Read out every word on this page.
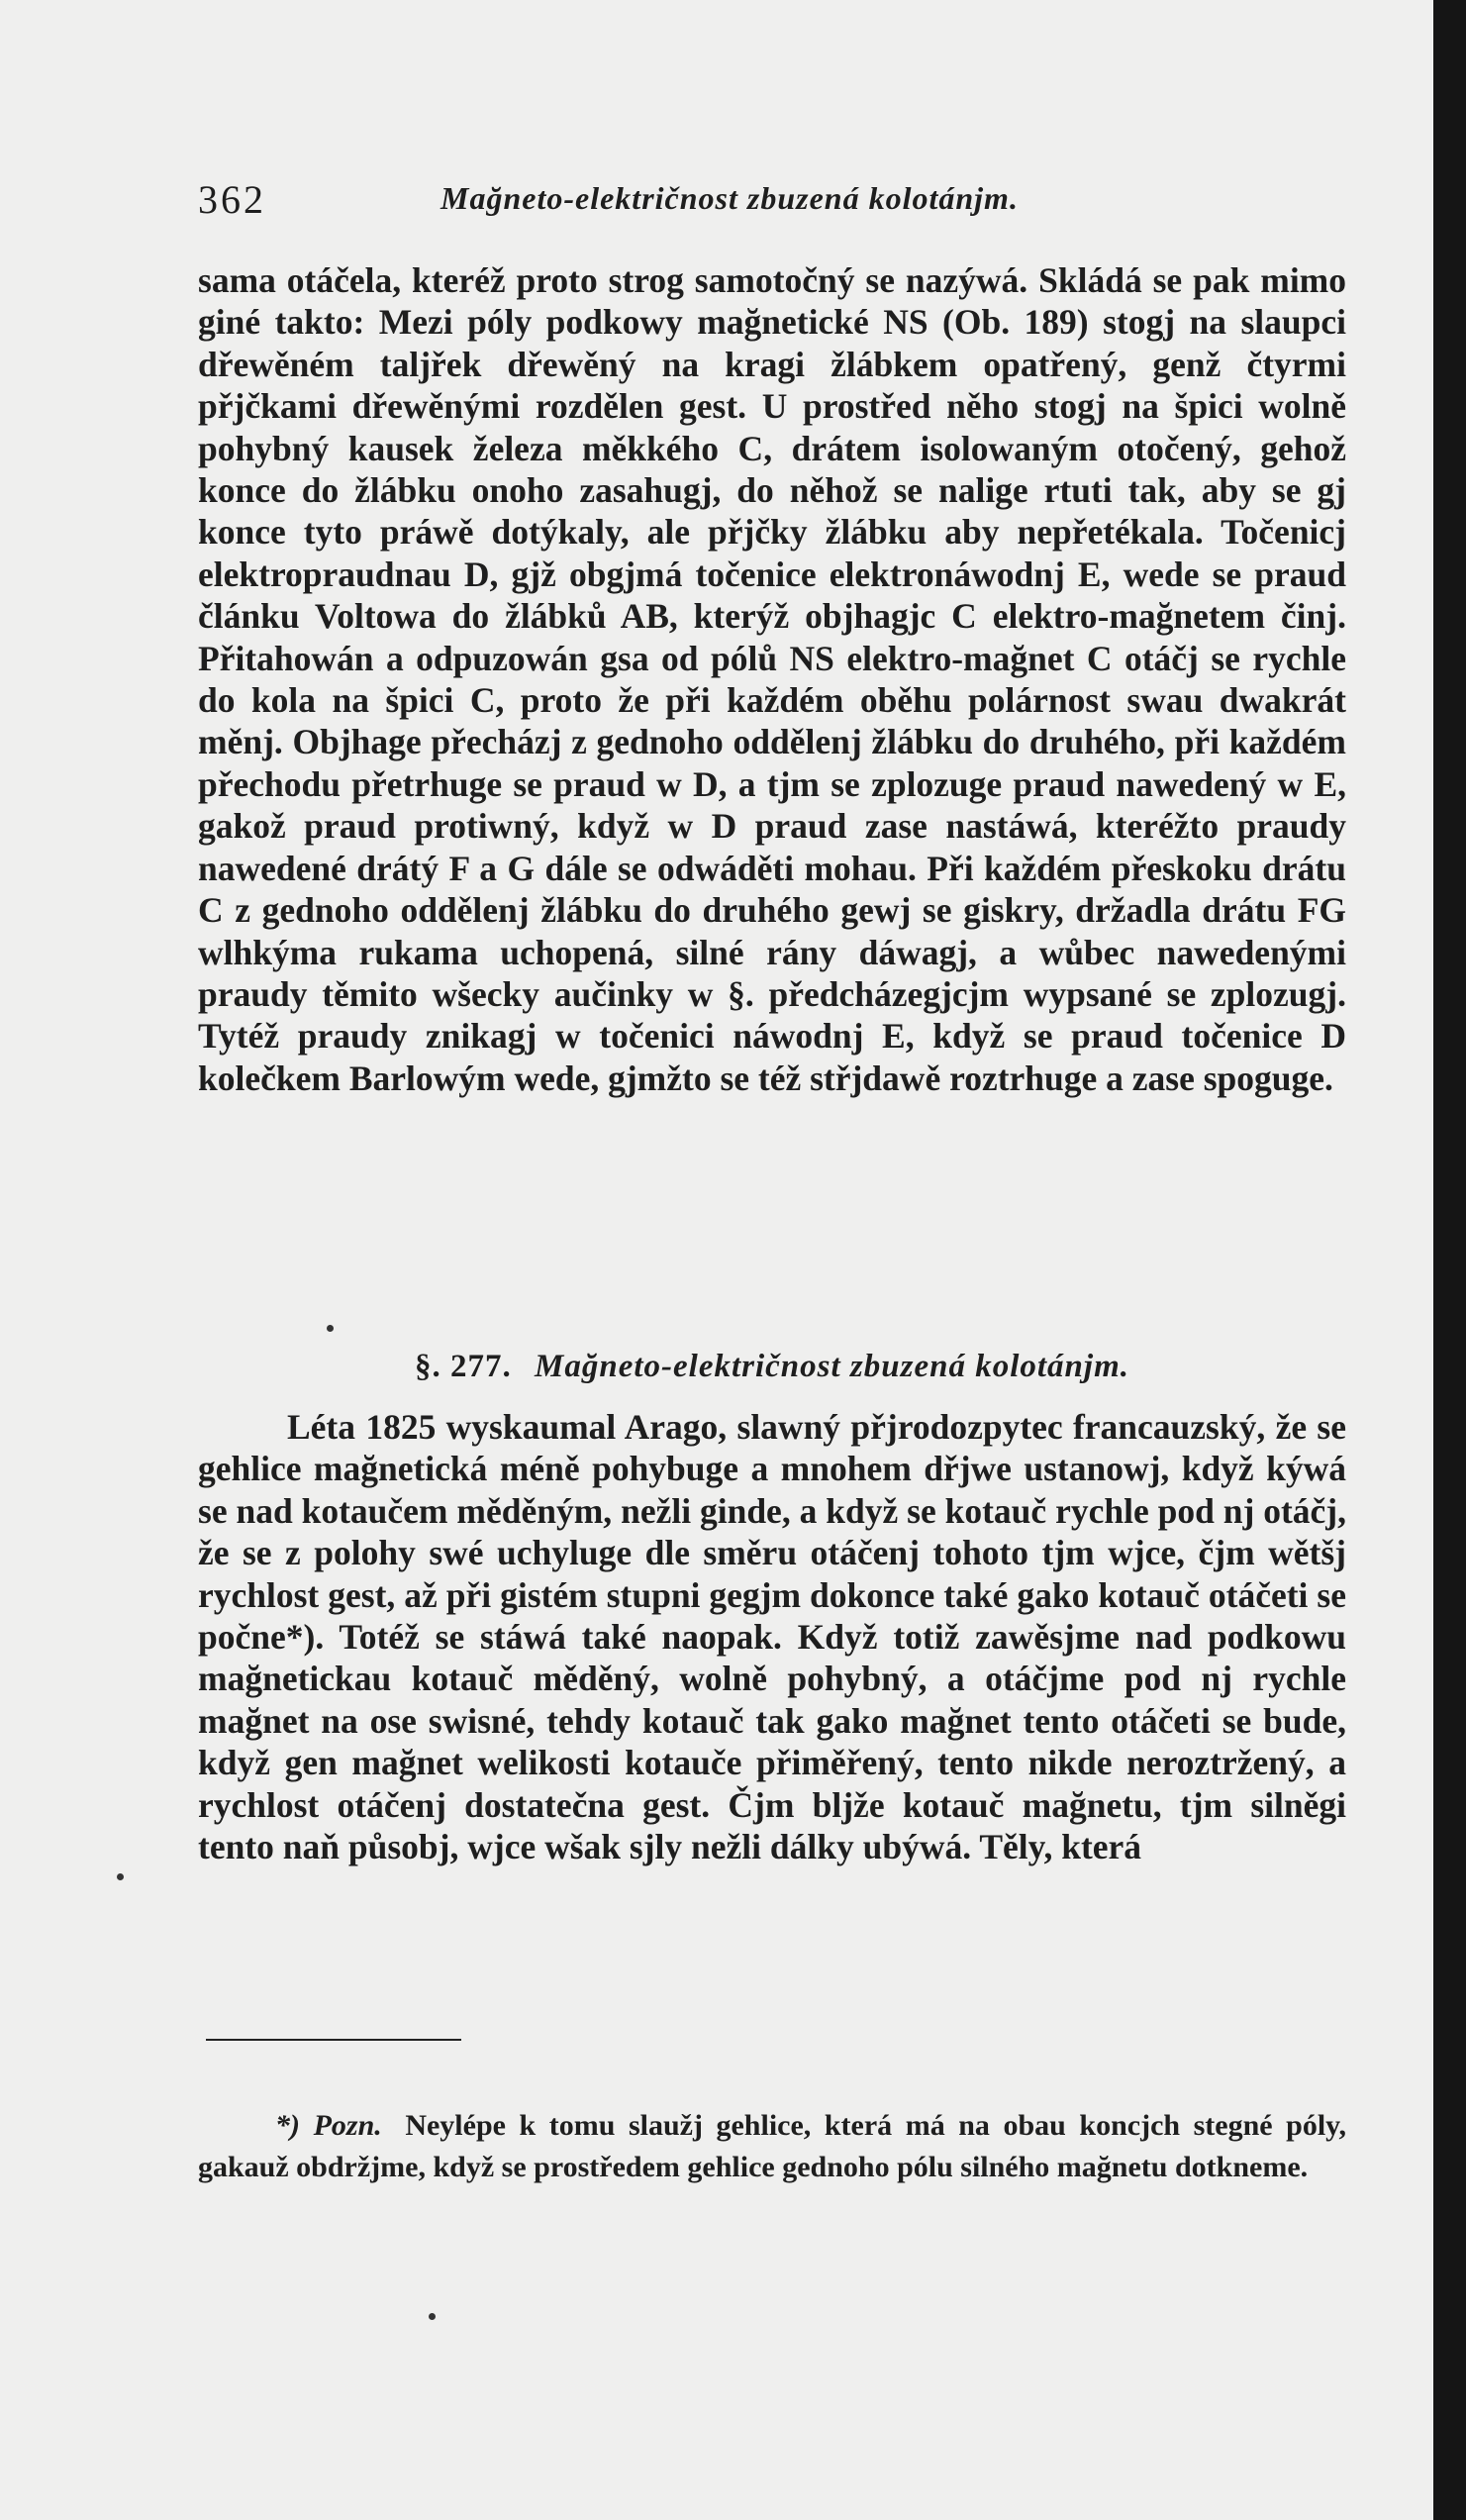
362	Mağneto-električnost zbuzená kolotánjm.

sama otáčela, kteréž proto strog samotočný se nazýwá. Skládá se pak mimo giné takto: Mezi póly podkowy mağnetické NS (Ob. 189) stogj na slaupci dřewěném taljřek dřewěný na kragi žlábkem opatřený, genž čtyrmi přjčkami dřewěnými rozdělen gest. U prostřed něho stogj na špici wolně pohybný kausek železa měkkého C, drátem isolowaným otočený, gehož konce do žlábku onoho zasahugj, do něhož se nalige rtuti tak, aby se gj konce tyto práwě dotýkaly, ale přjčky žlábku aby nepřetékala. Točenicj elektropraudnau D, gjž obgjmá točenice elektronáwodnj E, wede se praud článku Voltowa do žlábků AB, kterýž objhagjc C elektro-mağnetem činj. Přitahowán a odpuzowán gsa od pólů NS elektro-mağnet C otáčj se rychle do kola na špici C, proto že při každém oběhu polárnost swau dwakrát měnj. Objhage přecházj z gednoho oddělenj žlábku do druhého, při každém přechodu přetrhuge se praud w D, a tjm se zplozuge praud nawedený w E, gakož praud protiwný, když w D praud zase nastáwá, kteréžto praudy nawedené drátý F a G dále se odwáděti mohau. Při každém přeskoku drátu C z gednoho oddělenj žlábku do druhého gewj se giskry, držadla drátu FG wlhkýma rukama uchopená, silné rány dáwagj, a wůbec nawedenými praudy těmito wšecky aučinky w §. předcházegjcjm wypsané se zplozugj. Tytéž praudy znikagj w točenici náwodnj E, když se praud točenice D kolečkem Barlowým wede, gjmžto se též střjdawě roztrhuge a zase spoguge.

§. 277. Mağneto-električnost zbuzená kolotánjm.

Léta 1825 wyskaumal Arago, slawný přjrodozpytec francauzský, že se gehlice mağnetická méně pohybuge a mnohem dřjwe ustanowj, když kýwá se nad kotaučem měděným, nežli ginde, a když se kotauč rychle pod nj otáčj, že se z polohy swé uchyluge dle směru otáčenj tohoto tjm wjce, čjm wětšj rychlost gest, až při gistém stupni gegjm dokonce také gako kotauč otáčeti se počne*). Totéž se stáwá také naopak. Když totiž zawěsjme nad podkowu mağnetickau kotauč měděný, wolně pohybný, a otáčjme pod nj rychle mağnet na ose swisné, tehdy kotauč tak gako mağnet tento otáčeti se bude, když gen mağnet welikosti kotauče přiměřený, tento nikde neroztržený, a rychlost otáčenj dostatečna gest. Čjm bljže kotauč mağnetu, tjm silněgi tento naň působj, wjce wšak sjly nežli dálky ubýwá. Těly, která

*) Pozn. Neylépe k tomu slaužj gehlice, která má na obau koncjch stegné póly, gakauž obdržjme, když se prostředem gehlice gednoho pólu silného mağnetu dotkneme.
